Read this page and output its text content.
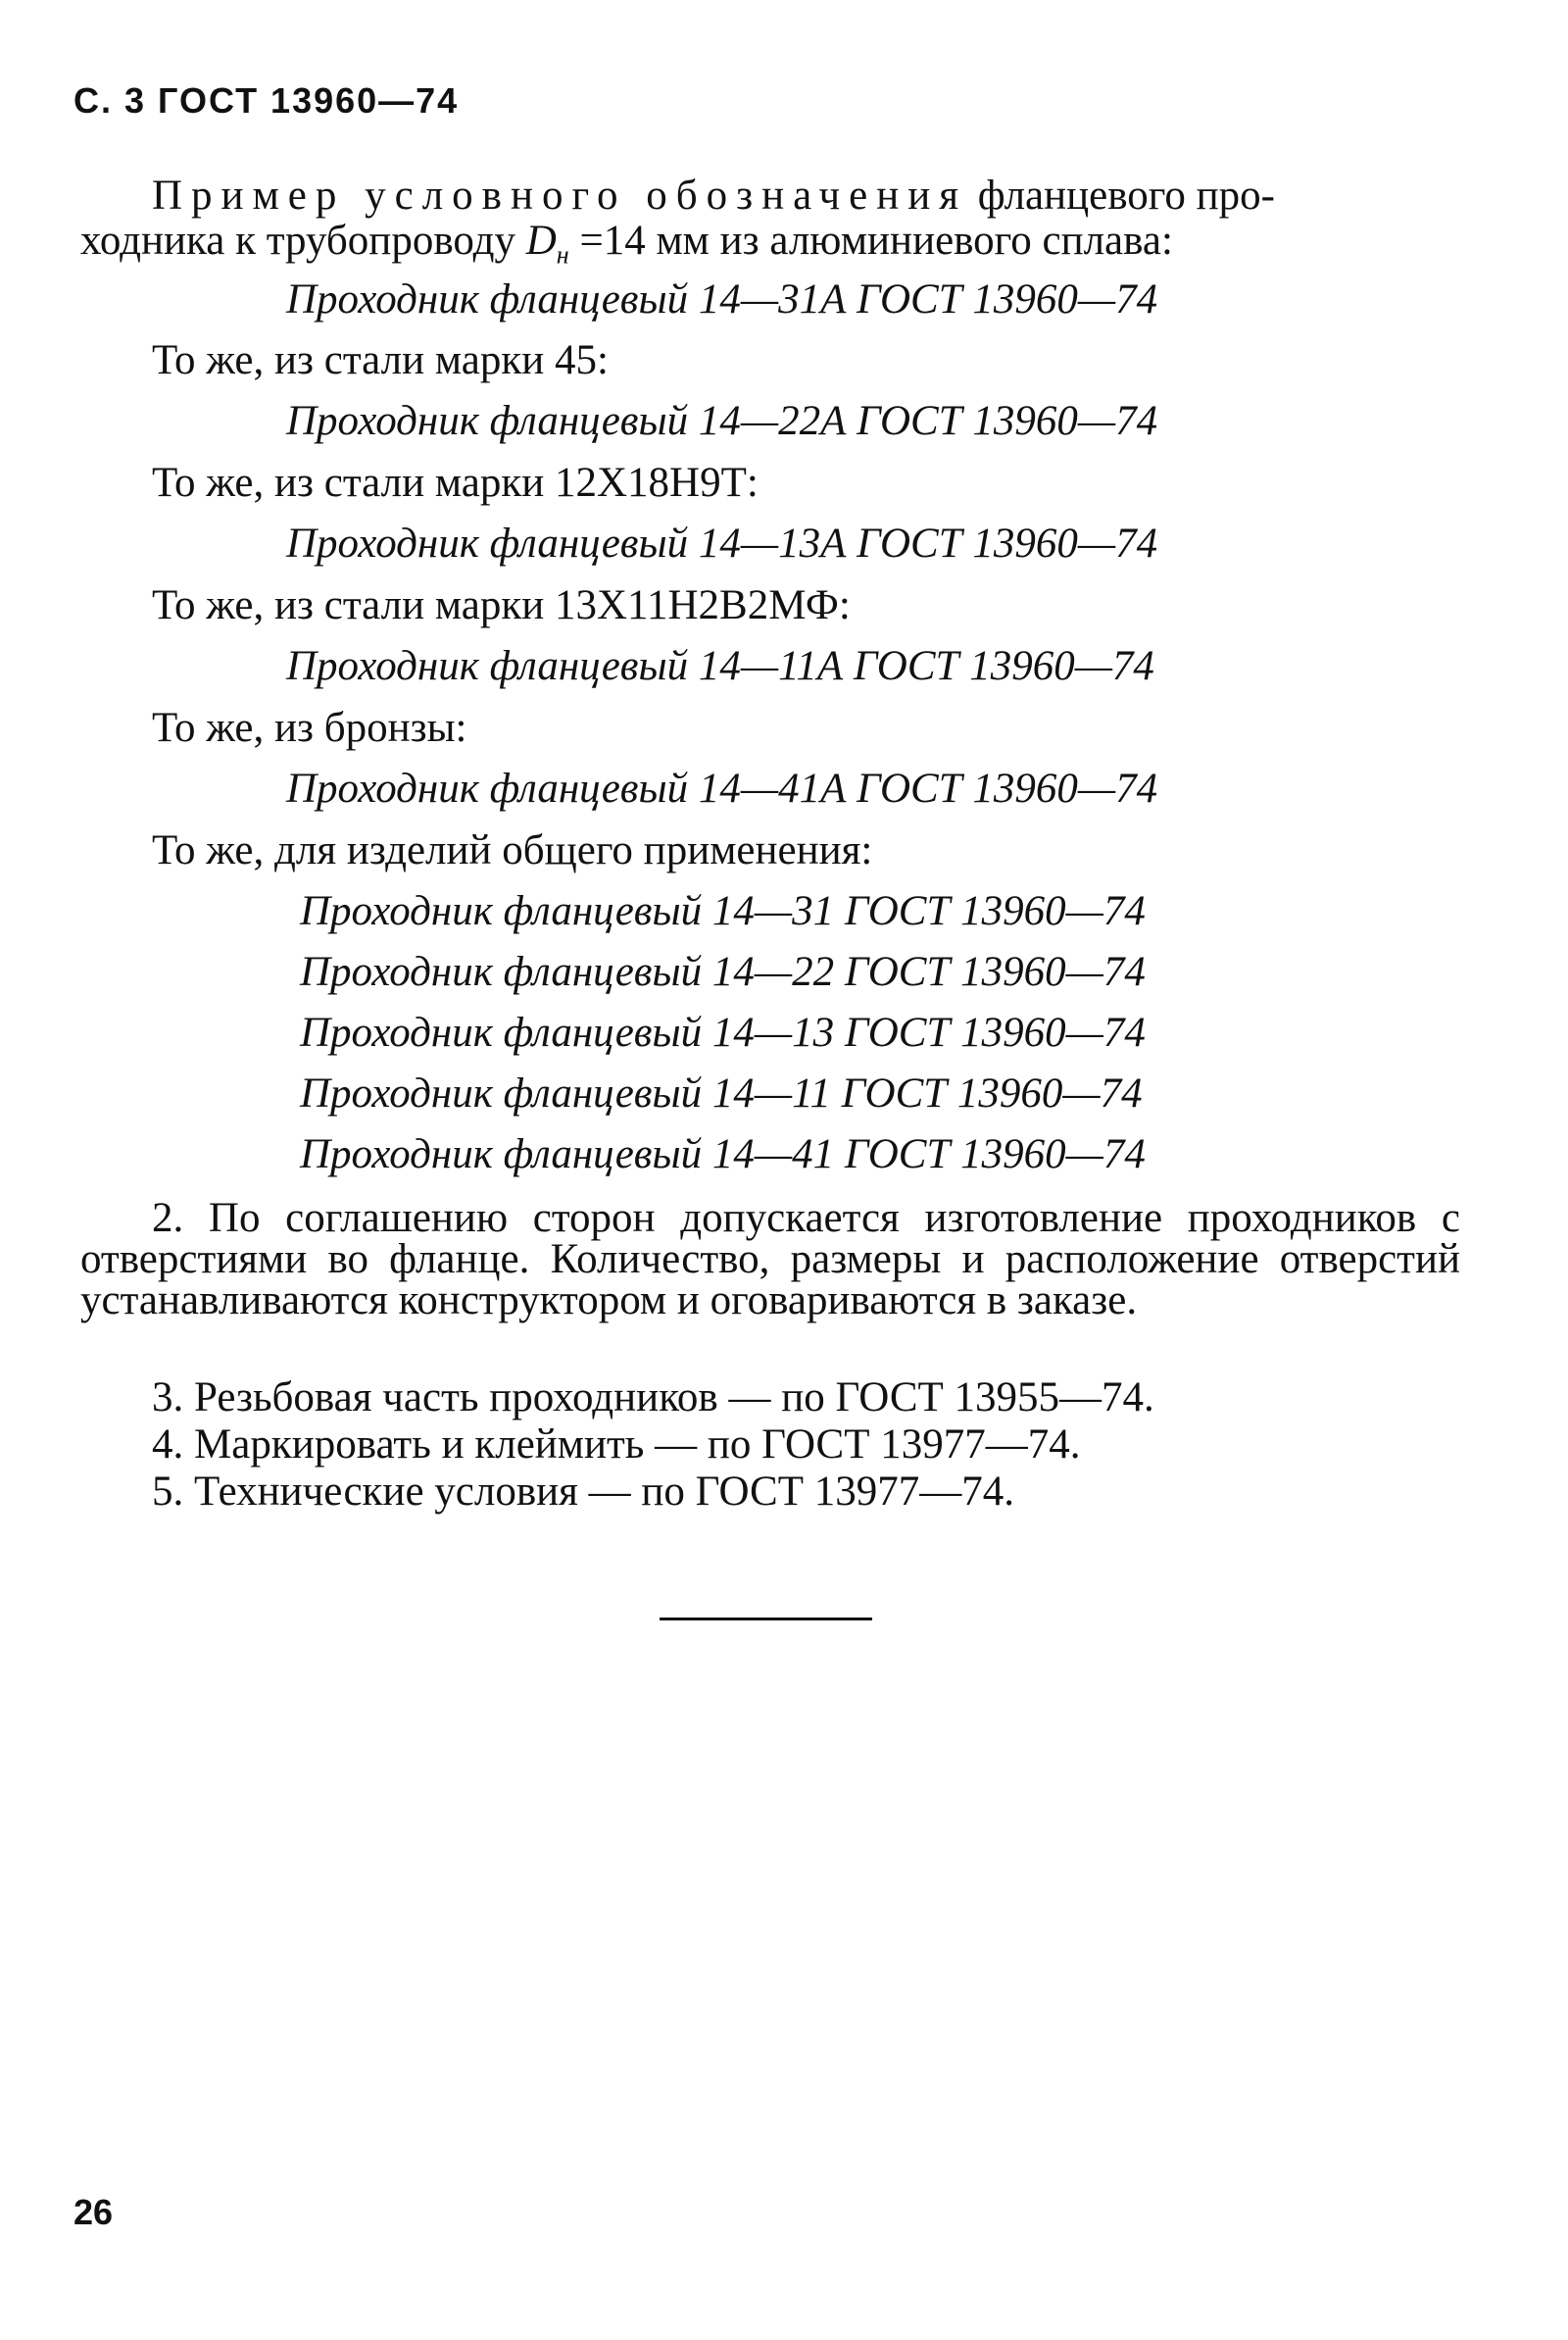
С. 3 ГОСТ 13960—74
Пример условного обозначения фланцевого про-
ходника к трубопроводу $D_н =14$ мм из алюминиевого сплава:
Проходник фланцевый 14—31А ГОСТ 13960—74
То же, из стали марки 45:
Проходник фланцевый 14—22А ГОСТ 13960—74
То же, из стали марки 12Х18Н9Т:
Проходник фланцевый 14—13А ГОСТ 13960—74
То же, из стали марки 13Х11Н2В2МФ:
Проходник фланцевый 14—11А ГОСТ 13960—74
То же, из бронзы:
Проходник фланцевый 14—41А ГОСТ 13960—74
То же, для изделий общего применения:
Проходник фланцевый 14—31 ГОСТ 13960—74
Проходник фланцевый 14—22 ГОСТ 13960—74
Проходник фланцевый 14—13 ГОСТ 13960—74
Проходник фланцевый 14—11 ГОСТ 13960—74
Проходник фланцевый 14—41 ГОСТ 13960—74
2. По соглашению сторон допускается изготовление проходников с отверстиями во фланце. Количество, размеры и расположение отверстий устанавливаются конструктором и оговариваются в заказе.
3. Резьбовая часть проходников — по ГОСТ 13955—74.
4. Маркировать и клеймить — по ГОСТ 13977—74.
5. Технические условия — по ГОСТ 13977—74.
26
